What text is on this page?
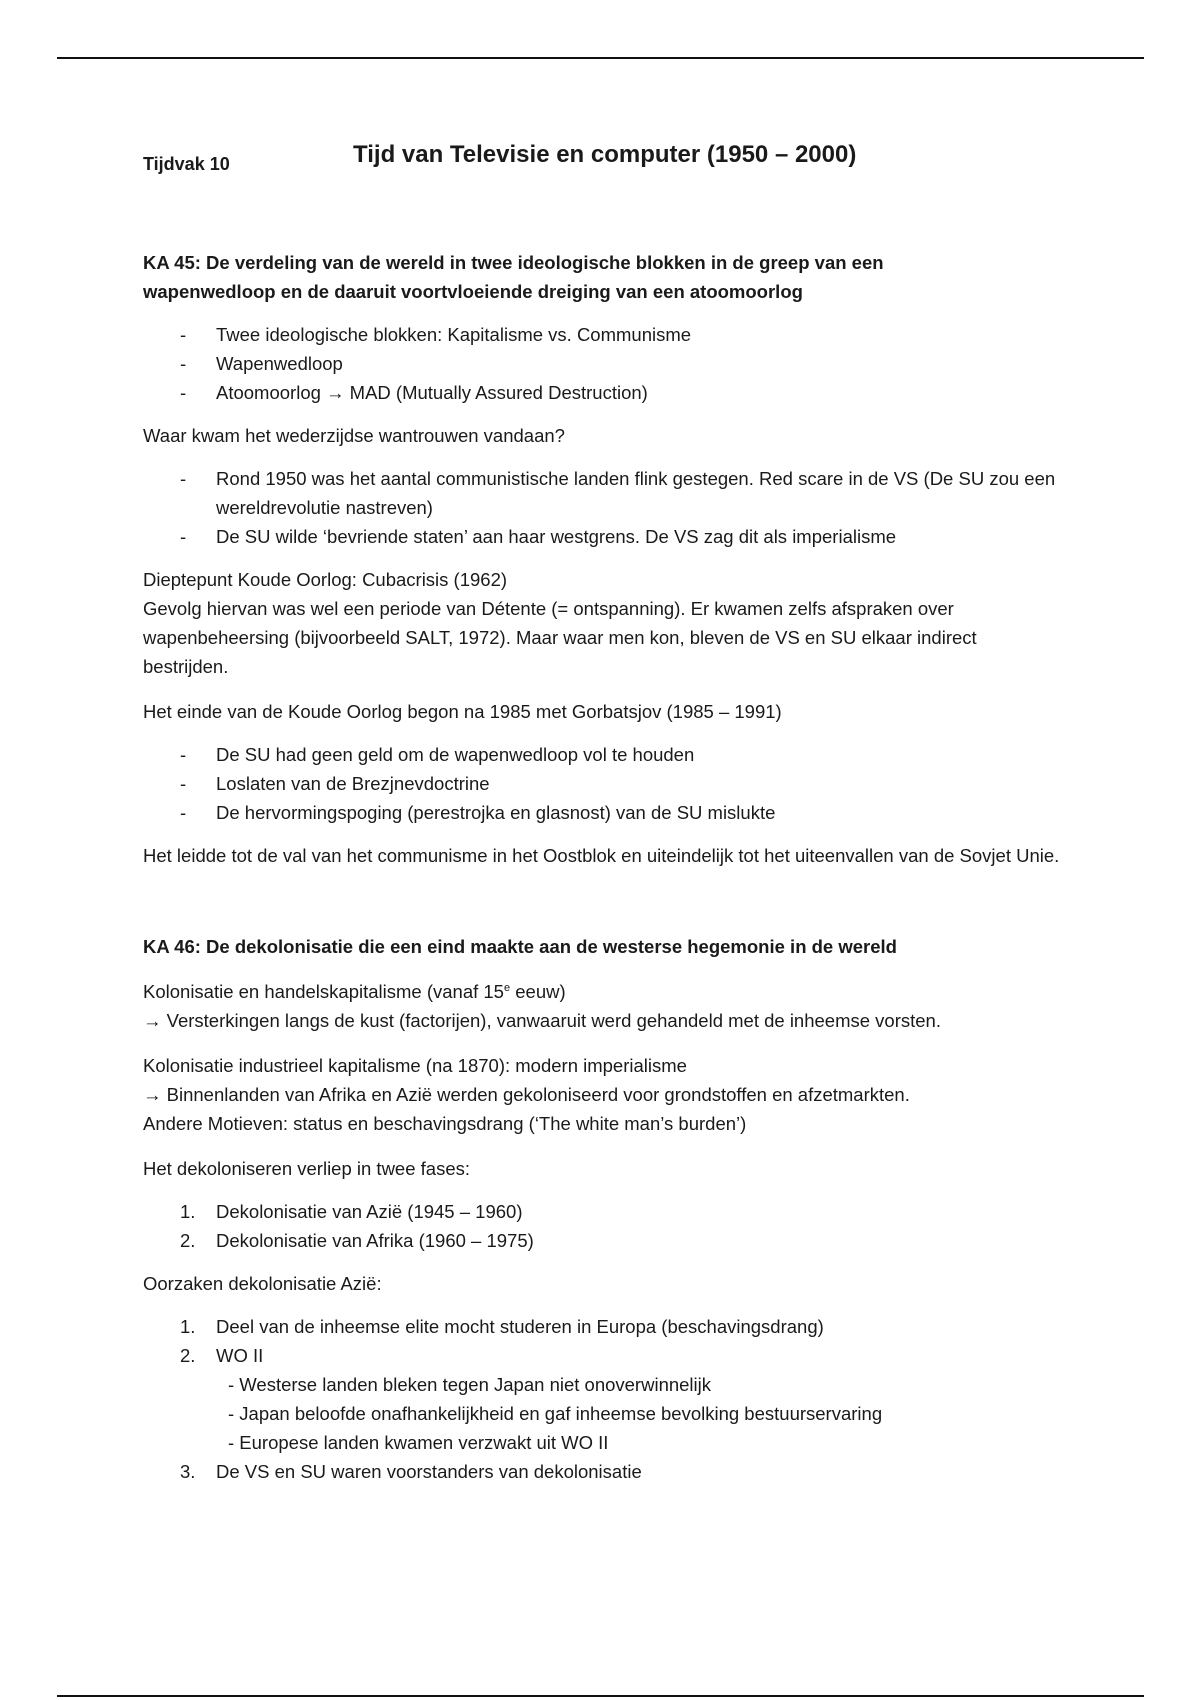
Tijdvak 10	Tijd van Televisie en computer (1950 – 2000)
KA 45: De verdeling van de wereld in twee ideologische blokken in de greep van een
wapenwedloop en de daaruit voortvloeiende dreiging van een atoomoorlog
- Twee ideologische blokken: Kapitalisme vs. Communisme
- Wapenwedloop
- Atoomoorlog → MAD (Mutually Assured Destruction)

Waar kwam het wederzijdse wantrouwen vandaan?

- Rond 1950 was het aantal communistische landen flink gestegen. Red scare in de VS (De SU zou een wereldrevolutie nastreven)
- De SU wilde ‘bevriende staten’ aan haar westgrens. De VS zag dit als imperialisme

Dieptepunt Koude Oorlog: Cubacrisis (1962)

Gevolg hiervan was wel een periode van Détente (= ontspanning). Er kwamen zelfs afspraken over wapenbeheersing (bijvoorbeeld SALT, 1972). Maar waar men kon, bleven de VS en SU elkaar indirect bestrijden.

Het einde van de Koude Oorlog begon na 1985 met Gorbatsjov (1985 – 1991)

- De SU had geen geld om de wapenwedloop vol te houden
- Loslaten van de Brezjnevdoctrine
- De hervormingspoging (perestrojka en glasnost) van de SU mislukte

Het leidde tot de val van het communisme in het Oostblok en uiteindelijk tot het uiteenvallen van de Sovjet Unie.

KA 46: De dekolonisatie die een eind maakte aan de westerse hegemonie in de wereld

Kolonisatie en handelskapitalisme (vanaf 15e eeuw)

→ Versterkingen langs de kust (factorijen), vanwaaruit werd gehandeld met de inheemse vorsten.

Kolonisatie industrieel kapitalisme (na 1870): modern imperialisme

→ Binnenlanden van Afrika en Azië werden gekoloniseerd voor grondstoffen en afzetmarkten.

Andere Motieven: status en beschavingsdrang (‘The white man’s burden’)

Het dekoloniseren verliep in twee fases:

1. Dekolonisatie van Azië (1945 – 1960)
2. Dekolonisatie van Afrika (1960 – 1975)

Oorzaken dekolonisatie Azië:

1. Deel van de inheemse elite mocht studeren in Europa (beschavingsdrang)
2. WO II
- Westerse landen bleken tegen Japan niet onoverwinnelijk
- Japan beloofde onafhankelijkheid en gaf inheemse bevolking bestuurservaring
- Europese landen kwamen verzwakt uit WO II
3. De VS en SU waren voorstanders van dekolonisatie
